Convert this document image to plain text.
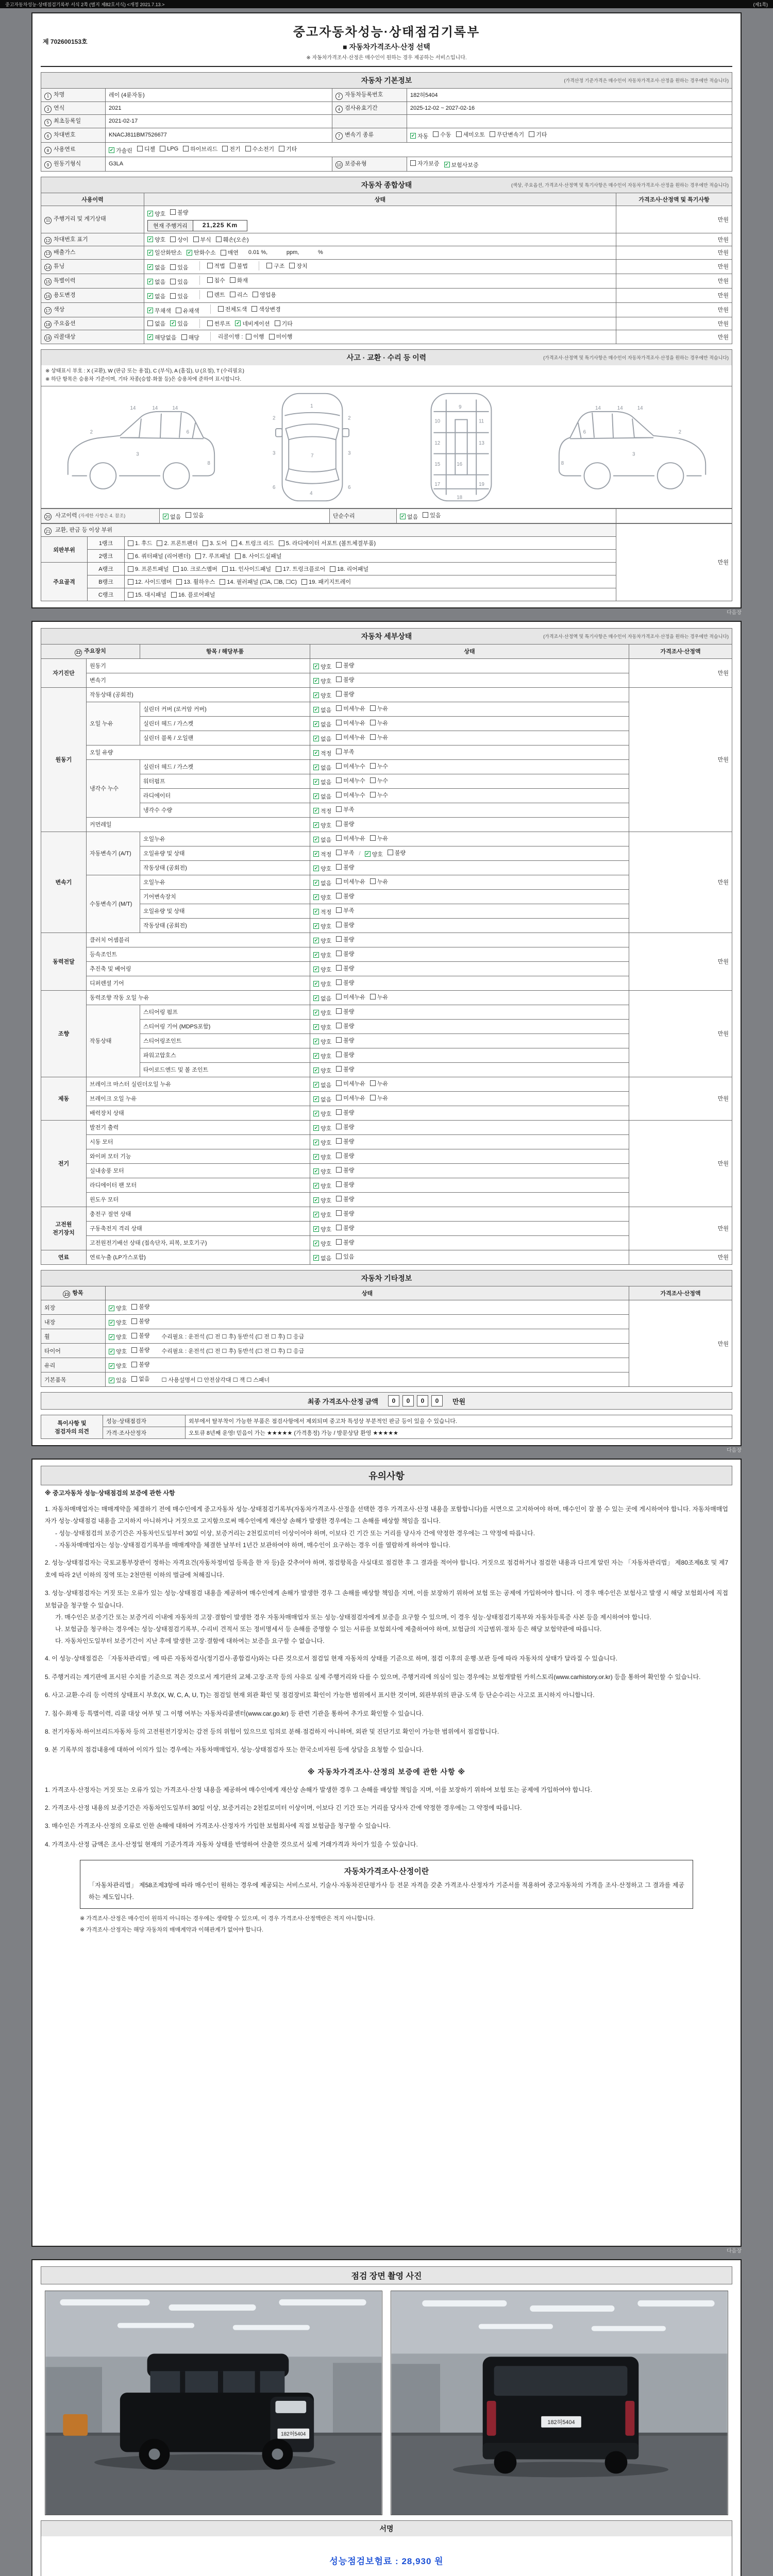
중고자동차성능·상태점검기록부 서식 2쪽 (별지 제82호서식) <개정 2021.7.13.>	(제1쪽)
제 702600153호
중고자동차성능·상태점검기록부
■ 자동차가격조사·산정 선택
※ 자동차가격조사·산정은 매수인이 원하는 경우 제공하는 서비스입니다.
자동차 기본정보	(가격산정 기준가격은 매수인이 자동차가격조사·산정을 원하는 경우에만 적습니다)
1 차명	레이 (4륜자동)	2 자동차등록번호	182허5404
3 연식	2021	4 검사유효기간	2025-12-02 ~ 2027-02-16
5 최초등록일	2021-02-17		
6 차대번호	KNACJ811BM7526677	7 변속기 종류	✔ 자동 수동 세미오토 무단변속기 기타

8 사용연료	✔ 가솔린 디젤 LPG 하이브리드 전기 수소전기 기타

9 원동기형식	G3LA	10 보증유형	자가보증 ✔ 보험사보증
자동차 종합상태	(색상, 주요옵션, 가격조사·산정액 및 특기사항은 매수인이 자동차가격조사·산정을 원하는 경우에만 적습니다)
사용이력	상태	가격조사·산정액 및 특기사항
11 주행거리 및 계기상태	✔ 양호 불량
현재 주행거리 21,225 Km	만원
12 차대번호 표기	✔ 양호 상이 부식 훼손(오손)	만원
13 배출가스	✔ 일산화탄소 ✔ 탄화수소 매연 0.01 %,            ppm,            %	만원
14 튜닝	✔ 없음 있음	적법 불법	구조 장치	만원
15 특별이력	✔ 없음 있음 침수 화재	만원
16 용도변경	✔ 없음 있음	렌트 리스 영업용	만원
17 색상	✔ 무채색 유채색 전체도색 색상변경	만원
18 주요옵션	없음 ✔ 있음	썬루프 ✔ 네비게이션 기타	만원
19 리콜대상	✔ 해당없음 해당	리콜이행 : 이행 미이행	만원
사고 · 교환 · 수리 등 이력	(가격조사·산정액 및 특기사항은 매수인이 자동차가격조사·산정을 원하는 경우에만 적습니다)
※ 상태표시 부호 : X (교환), W (판금 또는 용접), C (부식), A (흠집), U (요철), T (수리필요)
※ 하단 항목은 승용차 기준이며, 기타 차종(승합·화물 등)은 승용차에 준하여 표시합니다.
14	14	14
2
3
6
8
1
7
4
2	2
3	3
6	6
9
10	11
12	13
15	16
17	19
18
14	14	14
2
3
6
8
20 사고이력 (자세한 사항은 4. 참조)	✔ 없음 있음	단순수리	✔ 없음 있음

21 교환, 판금 등 이상 부위			만원
외판부위	1랭크	1. 후드 2. 프론트펜더 3. 도어 4. 트렁크 리드 5. 라디에이터 서포트 (볼트체결부품)	

	2랭크	6. 쿼터패널 (리어펜더) 7. 루프패널 8. 사이드실패널	

주요골격	A랭크	9. 프론트패널 10. 크로스멤버 11. 인사이드패널 17. 트렁크플로어 18. 리어패널	

	B랭크	12. 사이드멤버 13. 휠하우스 14. 필러패널 (☐A, ☐B, ☐C) 19. 패키지트레이	

	C랭크	15. 대시패널 16. 플로어패널	
다음장
자동차 세부상태	(가격조사·산정액 및 특기사항은 매수인이 자동차가격조사·산정을 원하는 경우에만 적습니다)
22 주요장치		항목 / 해당부품	상태	가격조사·산정액
자기진단	원동기		✔ 양호 불량	만원
	변속기		✔ 양호 불량	

원동기	작동상태 (공회전)		✔ 양호 불량	만원
	오일 누유	실린더 커버 (로커암 커버)	✔ 없음 미세누유 누유	

		실린더 헤드 / 가스켓	✔ 없음 미세누유 누유	

		실린더 블록 / 오일팬	✔ 없음 미세누유 누유	

	오일 유량		✔ 적정 부족	

	냉각수 누수	실린더 헤드 / 가스켓	✔ 없음 미세누수 누수	

		워터펌프	✔ 없음 미세누수 누수	

		라디에이터	✔ 없음 미세누수 누수	

		냉각수 수량	✔ 적정 부족	

	커먼레일		✔ 양호 불량	

변속기	자동변속기 (A/T)	오일누유	✔ 없음 미세누유 누유	만원
오일유량 및 상태	✔ 적정 부족 / ✔ 양호 불량

		작동상태 (공회전)	✔ 양호 불량	

	수동변속기 (M/T)	오일누유	✔ 없음 미세누유 누유	

		기어변속장치	✔ 양호 불량	

		오일유량 및 상태	✔ 적정 부족	

		작동상태 (공회전)	✔ 양호 불량	

동력전달	클러치 어셈블리		✔ 양호 불량	만원
	등속조인트		✔ 양호 불량	

	추진축 및 베어링		✔ 양호 불량	

	디퍼렌셜 기어		✔ 양호 불량	

조향	동력조향 작동 오일 누유		✔ 없음 미세누유 누유	만원
	작동상태	스티어링 펌프	✔ 양호 불량	

		스티어링 기어 (MDPS포함)	✔ 양호 불량	

		스티어링조인트	✔ 양호 불량	

		파워고압호스	✔ 양호 불량	

		타이로드엔드 및 볼 조인트	✔ 양호 불량	

제동	브레이크 마스터 실린더오일 누유		✔ 없음 미세누유 누유	만원
	브레이크 오일 누유		✔ 없음 미세누유 누유	

	배력장치 상태		✔ 양호 불량	

전기	발전기 출력		✔ 양호 불량	만원
	시동 모터		✔ 양호 불량	

	와이퍼 모터 기능		✔ 양호 불량	

	실내송풍 모터		✔ 양호 불량	

	라디에이터 팬 모터		✔ 양호 불량	

	윈도우 모터		✔ 양호 불량	

고전원 전기장치	충전구 절연 상태		✔ 양호 불량	만원
	구동축전지 격리 상태		✔ 양호 불량	

	고전원전기배선 상태 (접속단자, 피복, 보호기구)		✔ 양호 불량	

연료	연료누출 (LP가스포함)		✔ 없음 있음	만원
자동차 기타정보
23 항목	상태	가격조사·산정액
외장	✔ 양호 불량	만원
내장	✔ 양호 불량	

휠	✔ 양호 불량 수리필요 : 운전석 (☐ 전 ☐ 후) 동반석 (☐ 전 ☐ 후) ☐ 응급	
타이어	✔ 양호 불량 수리필요 : 운전석 (☐ 전 ☐ 후) 동반석 (☐ 전 ☐ 후) ☐ 응급	
유리	✔ 양호 불량	

기본품목	✔ 있음 없음 ☐ 사용설명서 ☐ 안전삼각대 ☐ 잭 ☐ 스패너	
최종 가격조사·산정 금액	0 0 0 0	만원
특이사항 및
점검자의 의견	성능·상태점검자	외부에서 탈부착이 가능한 부품은 점검사항에서 제외되며 중고차 특성상 부분적인 판금 등이 있을 수 있습니다.
	가격·조사산정자	오토큐 8년째 운영! 믿음이 가는 ★★★★★ (가격흥정) 가능 / 방문상담 환영 ★★★★★
다음장
유의사항
※ 중고자동차 성능·상태점검의 보증에 관한 사항
1. 자동차매매업자는 매매계약을 체결하기 전에 매수인에게 중고자동차 성능·상태점검기록부(자동차가격조사·산정을 선택한 경우 가격조사·산정 내용을 포함합니다)를 서면으로 고지하여야 하며, 매수인이 잘 볼 수 있는 곳에 게시하여야 합니다. 자동차매매업자가 성능·상태점검 내용을 고지하지 아니하거나 거짓으로 고지함으로써 매수인에게 재산상 손해가 발생한 경우에는 그 손해를 배상할 책임을 집니다.
- 성능·상태점검의 보증기간은 자동차인도일부터 30일 이상, 보증거리는 2천킬로미터 이상이어야 하며, 이보다 긴 기간 또는 거리를 당사자 간에 약정한 경우에는 그 약정에 따릅니다.
- 자동차매매업자는 성능·상태점검기록부를 매매계약을 체결한 날부터 1년간 보관하여야 하며, 매수인이 요구하는 경우 이를 열람하게 하여야 합니다.
2. 성능·상태점검자는 국토교통부장관이 정하는 자격요건(자동차정비업 등록을 한 자 등)을 갖추어야 하며, 점검항목을 사실대로 점검한 후 그 결과를 적어야 합니다. 거짓으로 점검하거나 점검한 내용과 다르게 알린 자는 「자동차관리법」 제80조제6호 및 제7호에 따라 2년 이하의 징역 또는 2천만원 이하의 벌금에 처해집니다.
3. 성능·상태점검자는 거짓 또는 오류가 있는 성능·상태점검 내용을 제공하여 매수인에게 손해가 발생한 경우 그 손해를 배상할 책임을 지며, 이를 보장하기 위하여 보험 또는 공제에 가입하여야 합니다. 이 경우 매수인은 보험사고 발생 시 해당 보험회사에 직접 보험금을 청구할 수 있습니다.
가. 매수인은 보증기간 또는 보증거리 이내에 자동차의 고장·결함이 발생한 경우 자동차매매업자 또는 성능·상태점검자에게 보증을 요구할 수 있으며, 이 경우 성능·상태점검기록부와 자동차등록증 사본 등을 제시하여야 합니다.
나. 보험금을 청구하는 경우에는 성능·상태점검기록부, 수리비 견적서 또는 정비명세서 등 손해를 증명할 수 있는 서류를 보험회사에 제출하여야 하며, 보험금의 지급범위·절차 등은 해당 보험약관에 따릅니다.
다. 자동차인도일부터 보증기간이 지난 후에 발생한 고장·결함에 대하여는 보증을 요구할 수 없습니다.
4. 이 성능·상태점검은 「자동차관리법」에 따른 자동차검사(정기검사·종합검사)와는 다른 것으로서 점검일 현재 자동차의 상태를 기준으로 하며, 점검 이후의 운행·보관 등에 따라 자동차의 상태가 달라질 수 있습니다.
5. 주행거리는 계기판에 표시된 수치를 기준으로 적은 것으로서 계기판의 교체·고장·조작 등의 사유로 실제 주행거리와 다를 수 있으며, 주행거리에 의심이 있는 경우에는 보험개발원 카히스토리(www.carhistory.or.kr) 등을 통하여 확인할 수 있습니다.
6. 사고·교환·수리 등 이력의 상태표시 부호(X, W, C, A, U, T)는 점검일 현재 외관 확인 및 점검장비로 확인이 가능한 범위에서 표시한 것이며, 외판부위의 판금·도색 등 단순수리는 사고로 표시하지 아니합니다.
7. 침수·화재 등 특별이력, 리콜 대상 여부 및 그 이행 여부는 자동차리콜센터(www.car.go.kr) 등 관련 기관을 통하여 추가로 확인할 수 있습니다.
8. 전기자동차·하이브리드자동차 등의 고전원전기장치는 감전 등의 위험이 있으므로 임의로 분해·점검하지 아니하며, 외관 및 진단기로 확인이 가능한 범위에서 점검합니다.
9. 본 기록부의 점검내용에 대하여 이의가 있는 경우에는 자동차매매업자, 성능·상태점검자 또는 한국소비자원 등에 상담을 요청할 수 있습니다.
※ 자동차가격조사·산정의 보증에 관한 사항 ※
1. 가격조사·산정자는 거짓 또는 오류가 있는 가격조사·산정 내용을 제공하여 매수인에게 재산상 손해가 발생한 경우 그 손해를 배상할 책임을 지며, 이를 보장하기 위하여 보험 또는 공제에 가입하여야 합니다.
2. 가격조사·산정 내용의 보증기간은 자동차인도일부터 30일 이상, 보증거리는 2천킬로미터 이상이며, 이보다 긴 기간 또는 거리를 당사자 간에 약정한 경우에는 그 약정에 따릅니다.
3. 매수인은 가격조사·산정의 오류로 인한 손해에 대하여 가격조사·산정자가 가입한 보험회사에 직접 보험금을 청구할 수 있습니다.
4. 가격조사·산정 금액은 조사·산정일 현재의 기준가격과 자동차 상태를 반영하여 산출한 것으로서 실제 거래가격과 차이가 있을 수 있습니다.
자동차가격조사·산정이란
「자동차관리법」 제58조제3항에 따라 매수인이 원하는 경우에 제공되는 서비스로서, 기술사·자동차진단평가사 등 전문 자격을 갖춘 가격조사·산정자가 기준서를 적용하여 중고자동차의 가격을 조사·산정하고 그 결과를 제공하는 제도입니다.
※ 가격조사·산정은 매수인이 원하지 아니하는 경우에는 생략할 수 있으며, 이 경우 가격조사·산정액란은 적지 아니합니다.
※ 가격조사·산정자는 해당 자동차의 매매계약과 이해관계가 없어야 합니다.
다음장
점검 장면 촬영 사진
182허5404
182허5404
서명
성능점검보험료 : 28,930 원
